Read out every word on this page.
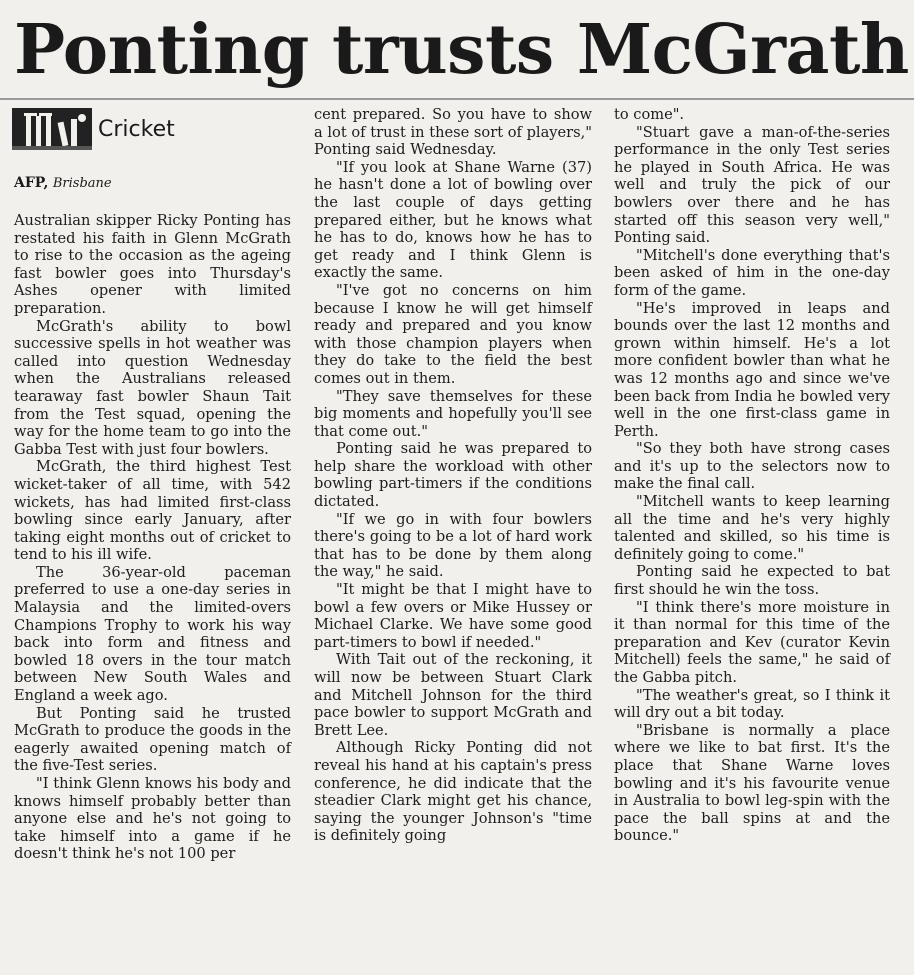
Ponting trusts McGrath
Cricket
AFP, Brisbane

Australian skipper Ricky Ponting has restated his faith in Glenn McGrath to rise to the occasion as the ageing fast bowler goes into Thursday's Ashes opener with limited preparation.

McGrath's ability to bowl successive spells in hot weather was called into question Wednesday when the Australians released tearaway fast bowler Shaun Tait from the Test squad, opening the way for the home team to go into the Gabba Test with just four bowlers.

McGrath, the third highest Test wicket-taker of all time, with 542 wickets, has had limited first-class bowling since early January, after taking eight months out of cricket to tend to his ill wife.

The 36-year-old paceman preferred to use a one-day series in Malaysia and the limited-overs Champions Trophy to work his way back into form and fitness and bowled 18 overs in the tour match between New South Wales and England a week ago.

But Ponting said he trusted McGrath to produce the goods in the eagerly awaited opening match of the five-Test series.

"I think Glenn knows his body and knows himself probably better than anyone else and he's not going to take himself into a game if he doesn't think he's not 100 per

cent prepared. So you have to show a lot of trust in these sort of players," Ponting said Wednesday.

"If you look at Shane Warne (37) he hasn't done a lot of bowling over the last couple of days getting prepared either, but he knows what he has to do, knows how he has to get ready and I think Glenn is exactly the same.

"I've got no concerns on him because I know he will get himself ready and prepared and you know with those champion players when they do take to the field the best comes out in them.

"They save themselves for these big moments and hopefully you'll see that come out."

Ponting said he was prepared to help share the workload with other bowling part-timers if the conditions dictated.

"If we go in with four bowlers there's going to be a lot of hard work that has to be done by them along the way," he said.

"It might be that I might have to bowl a few overs or Mike Hussey or Michael Clarke. We have some good part-timers to bowl if needed."

With Tait out of the reckoning, it will now be between Stuart Clark and Mitchell Johnson for the third pace bowler to support McGrath and Brett Lee.

Although Ricky Ponting did not reveal his hand at his captain's press conference, he did indicate that the steadier Clark might get his chance, saying the younger Johnson's "time is definitely going

to come".

"Stuart gave a man-of-the-series performance in the only Test series he played in South Africa. He was well and truly the pick of our bowlers over there and he has started off this season very well," Ponting said.

"Mitchell's done everything that's been asked of him in the one-day form of the game.

"He's improved in leaps and bounds over the last 12 months and grown within himself. He's a lot more confident bowler than what he was 12 months ago and since we've been back from India he bowled very well in the one first-class game in Perth.

"So they both have strong cases and it's up to the selectors now to make the final call.

"Mitchell wants to keep learning all the time and he's very highly talented and skilled, so his time is definitely going to come."

Ponting said he expected to bat first should he win the toss.

"I think there's more moisture in it than normal for this time of the preparation and Kev (curator Kevin Mitchell) feels the same," he said of the Gabba pitch.

"The weather's great, so I think it will dry out a bit today.

"Brisbane is normally a place where we like to bat first. It's the place that Shane Warne loves bowling and it's his favourite venue in Australia to bowl leg-spin with the pace the ball spins at and the bounce."
